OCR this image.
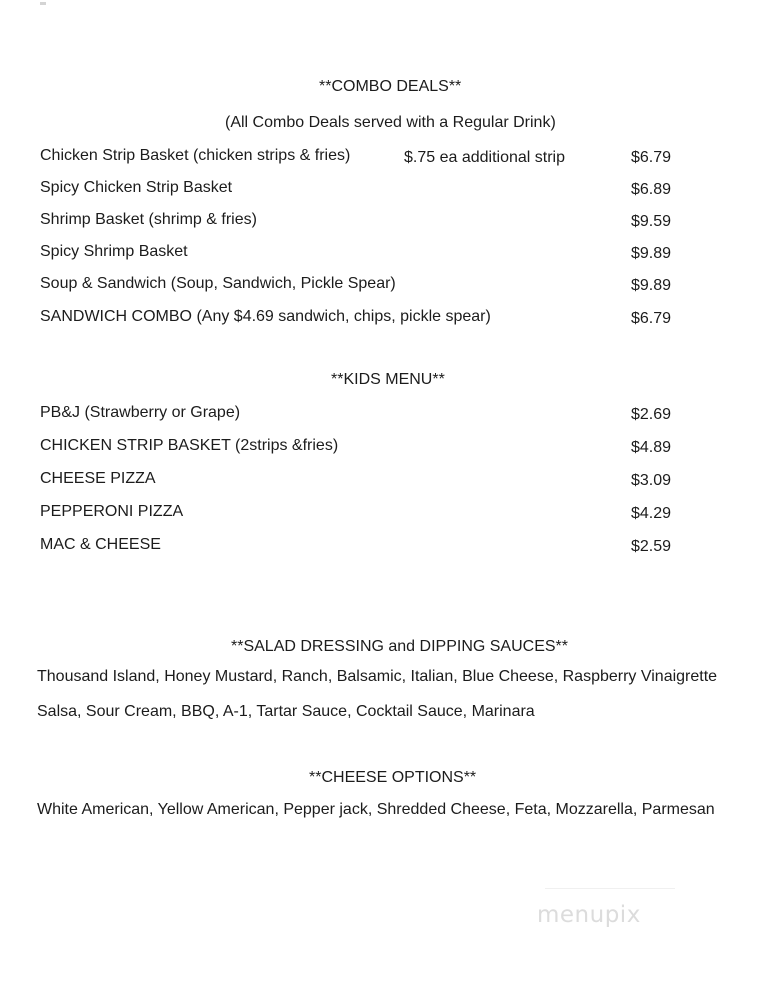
**COMBO DEALS**
(All Combo Deals served with a Regular Drink)
Chicken Strip Basket (chicken strips & fries)	$.75 ea additional strip	$6.79
Spicy Chicken Strip Basket	$6.89
Shrimp Basket (shrimp & fries)	$9.59
Spicy Shrimp Basket	$9.89
Soup & Sandwich (Soup, Sandwich, Pickle Spear)	$9.89
SANDWICH COMBO (Any $4.69 sandwich, chips, pickle spear)	$6.79
**KIDS MENU**
PB&J (Strawberry or Grape)	$2.69
CHICKEN STRIP BASKET (2strips &fries)	$4.89
CHEESE PIZZA	$3.09
PEPPERONI PIZZA	$4.29
MAC & CHEESE	$2.59
**SALAD DRESSING and DIPPING SAUCES**
Thousand Island, Honey Mustard, Ranch, Balsamic, Italian, Blue Cheese, Raspberry Vinaigrette
Salsa, Sour Cream, BBQ, A-1, Tartar Sauce, Cocktail Sauce, Marinara
**CHEESE OPTIONS**
White American, Yellow American, Pepper jack, Shredded Cheese, Feta, Mozzarella, Parmesan
menupix
